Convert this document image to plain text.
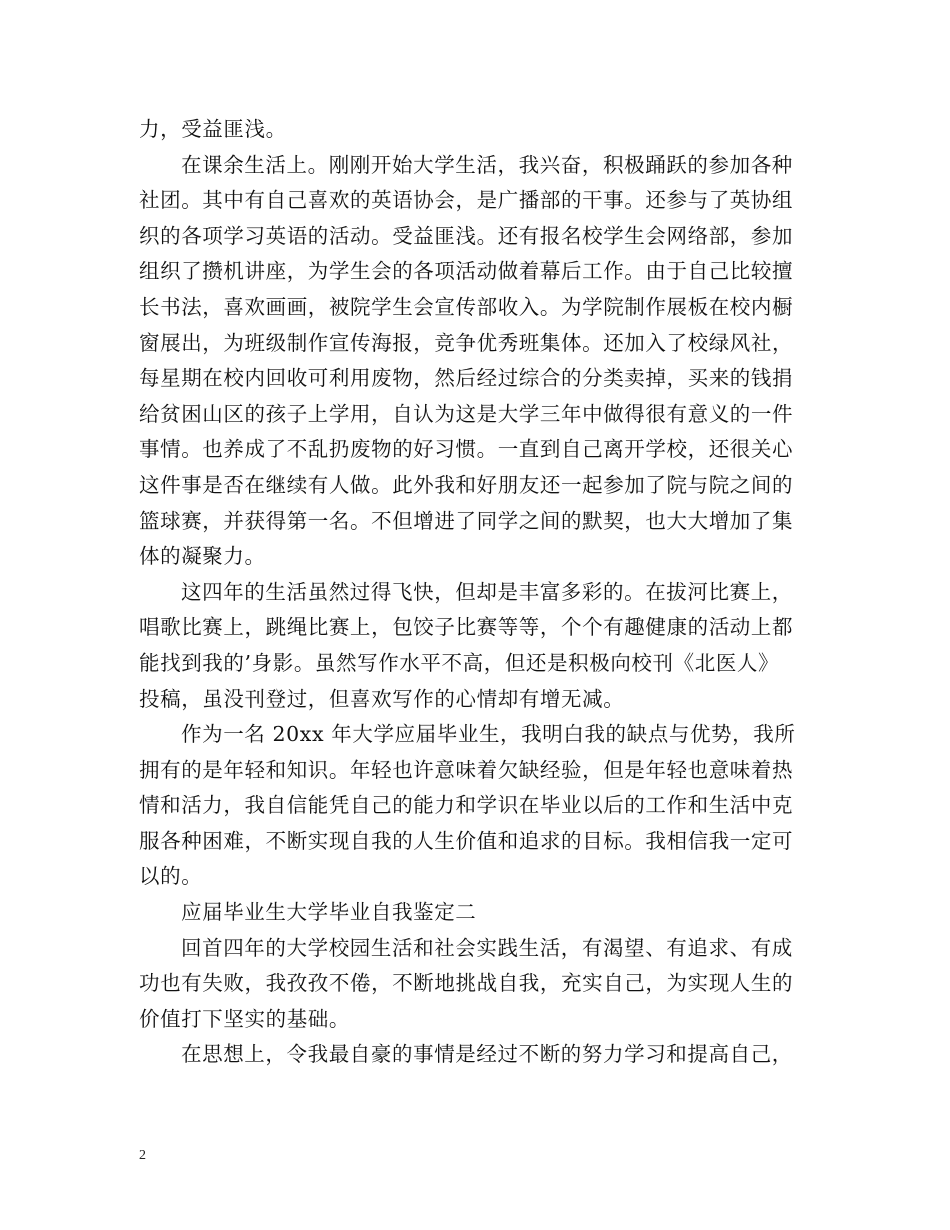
力，受益匪浅。
在课余生活上。刚刚开始大学生活，我兴奋，积极踊跃的参加各种
社团。其中有自己喜欢的英语协会，是广播部的干事。还参与了英协组
织的各项学习英语的活动。受益匪浅。还有报名校学生会网络部，参加
组织了攒机讲座，为学生会的各项活动做着幕后工作。由于自己比较擅
长书法，喜欢画画，被院学生会宣传部收入。为学院制作展板在校内橱
窗展出，为班级制作宣传海报，竞争优秀班集体。还加入了校绿风社，
每星期在校内回收可利用废物，然后经过综合的分类卖掉，买来的钱捐
给贫困山区的孩子上学用，自认为这是大学三年中做得很有意义的一件
事情。也养成了不乱扔废物的好习惯。一直到自己离开学校，还很关心
这件事是否在继续有人做。此外我和好朋友还一起参加了院与院之间的
篮球赛，并获得第一名。不但增进了同学之间的默契，也大大增加了集
体的凝聚力。
这四年的生活虽然过得飞快，但却是丰富多彩的。在拔河比赛上，
唱歌比赛上，跳绳比赛上，包饺子比赛等等，个个有趣健康的活动上都
能找到我的’身影。虽然写作水平不高，但还是积极向校刊《北医人》
投稿，虽没刊登过，但喜欢写作的心情却有增无减。
作为一名 20xx 年大学应届毕业生，我明白我的缺点与优势，我所
拥有的是年轻和知识。年轻也许意味着欠缺经验，但是年轻也意味着热
情和活力，我自信能凭自己的能力和学识在毕业以后的工作和生活中克
服各种困难，不断实现自我的人生价值和追求的目标。我相信我一定可
以的。
应届毕业生大学毕业自我鉴定二
回首四年的大学校园生活和社会实践生活，有渴望、有追求、有成
功也有失败，我孜孜不倦，不断地挑战自我，充实自己，为实现人生的
价值打下坚实的基础。
在思想上，令我最自豪的事情是经过不断的努力学习和提高自己，
2
